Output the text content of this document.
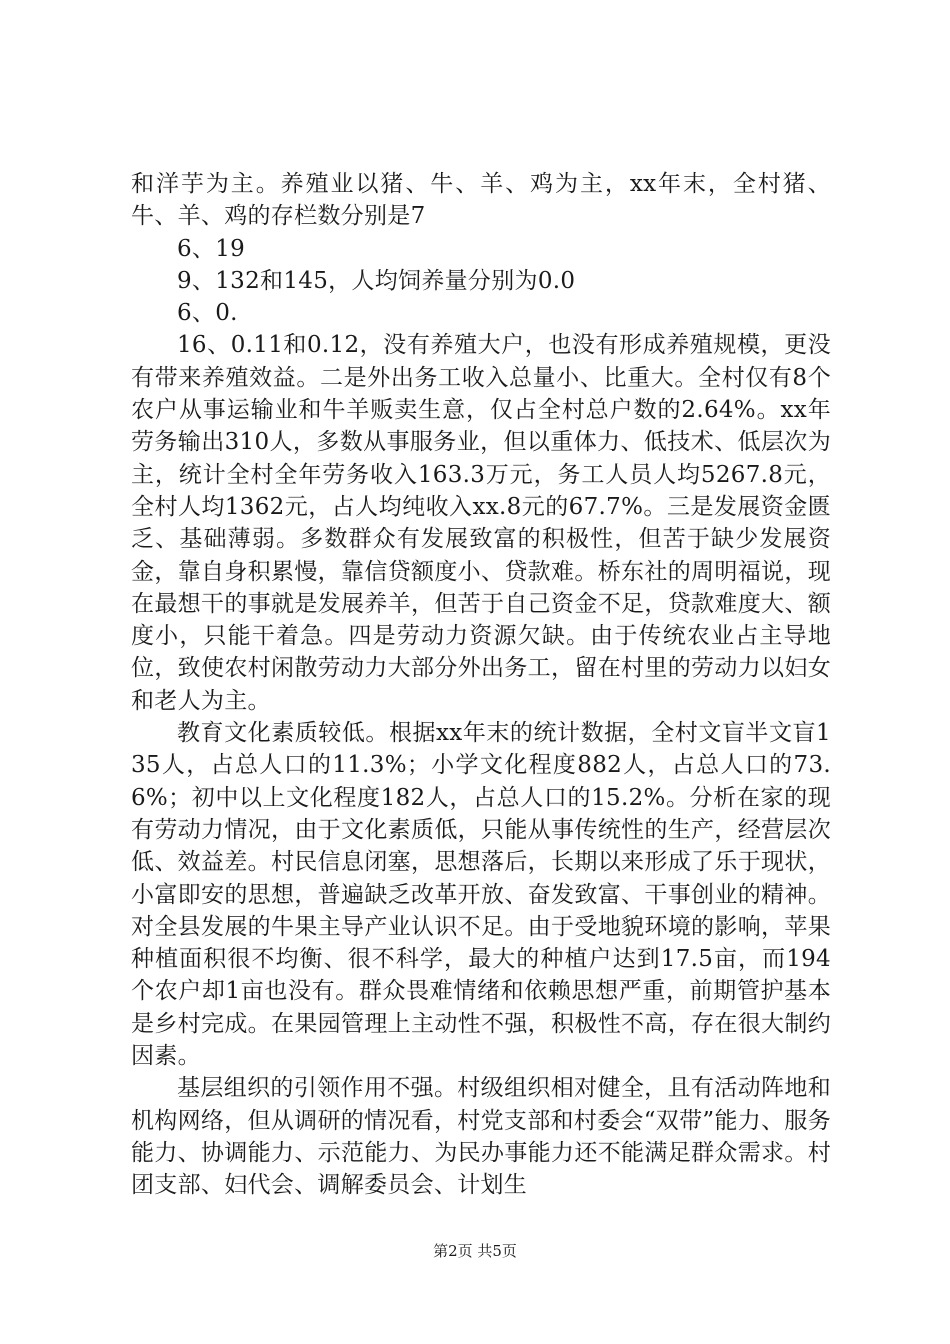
和洋芋为主。养殖业以猪、牛、羊、鸡为主，xx年末，全村猪、牛、羊、鸡的存栏数分别是7

6、19

9、132和145，人均饲养量分别为0.0

6、0.

16、0.11和0.12，没有养殖大户，也没有形成养殖规模，更没有带来养殖效益。二是外出务工收入总量小、比重大。全村仅有8个农户从事运输业和牛羊贩卖生意，仅占全村总户数的2.64%。xx年劳务输出310人，多数从事服务业，但以重体力、低技术、低层次为主，统计全村全年劳务收入163.3万元，务工人员人均5267.8元，全村人均1362元，占人均纯收入xx.8元的67.7%。三是发展资金匮乏、基础薄弱。多数群众有发展致富的积极性，但苦于缺少发展资金，靠自身积累慢，靠信贷额度小、贷款难。桥东社的周明福说，现在最想干的事就是发展养羊，但苦于自己资金不足，贷款难度大、额度小，只能干着急。四是劳动力资源欠缺。由于传统农业占主导地位，致使农村闲散劳动力大部分外出务工，留在村里的劳动力以妇女和老人为主。

教育文化素质较低。根据xx年末的统计数据，全村文盲半文盲135人，占总人口的11.3%；小学文化程度882人，占总人口的73.6%；初中以上文化程度182人，占总人口的15.2%。分析在家的现有劳动力情况，由于文化素质低，只能从事传统性的生产，经营层次低、效益差。村民信息闭塞，思想落后，长期以来形成了乐于现状，小富即安的思想，普遍缺乏改革开放、奋发致富、干事创业的精神。对全县发展的牛果主导产业认识不足。由于受地貌环境的影响，苹果种植面积很不均衡、很不科学，最大的种植户达到17.5亩，而194个农户却1亩也没有。群众畏难情绪和依赖思想严重，前期管护基本是乡村完成。在果园管理上主动性不强，积极性不高，存在很大制约因素。

基层组织的引领作用不强。村级组织相对健全，且有活动阵地和机构网络，但从调研的情况看，村党支部和村委会“双带”能力、服务能力、协调能力、示范能力、为民办事能力还不能满足群众需求。村团支部、妇代会、调解委员会、计划生

第2页 共5页
